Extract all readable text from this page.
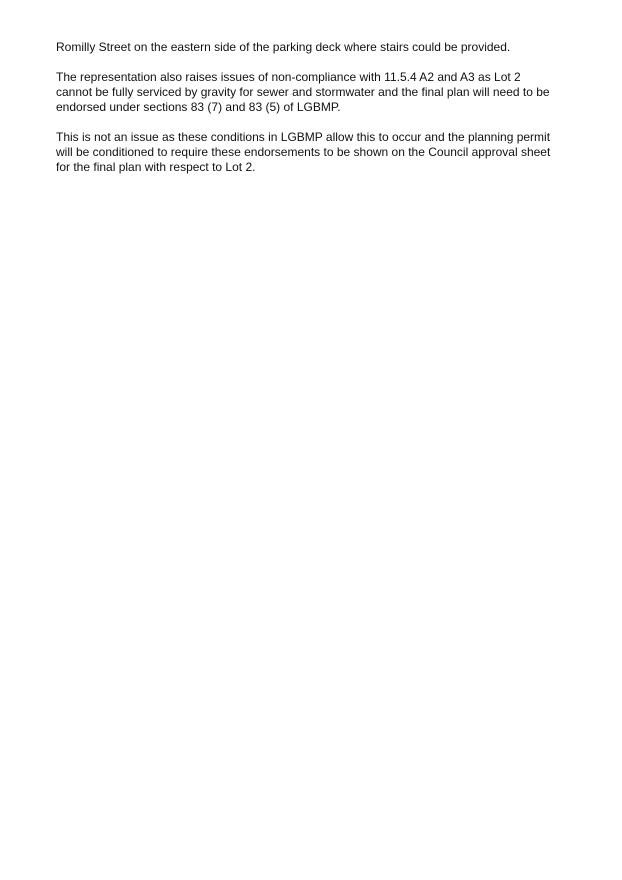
Romilly Street on the eastern side of the parking deck where stairs could be provided.

The representation also raises issues of non-compliance with 11.5.4 A2 and A3 as Lot 2
cannot be fully serviced by gravity for sewer and stormwater and the final plan will need to be
endorsed under sections 83 (7) and 83 (5) of LGBMP.

This is not an issue as these conditions in LGBMP allow this to occur and the planning permit
will be conditioned to require these endorsements to be shown on the Council approval sheet
for the final plan with respect to Lot 2.
